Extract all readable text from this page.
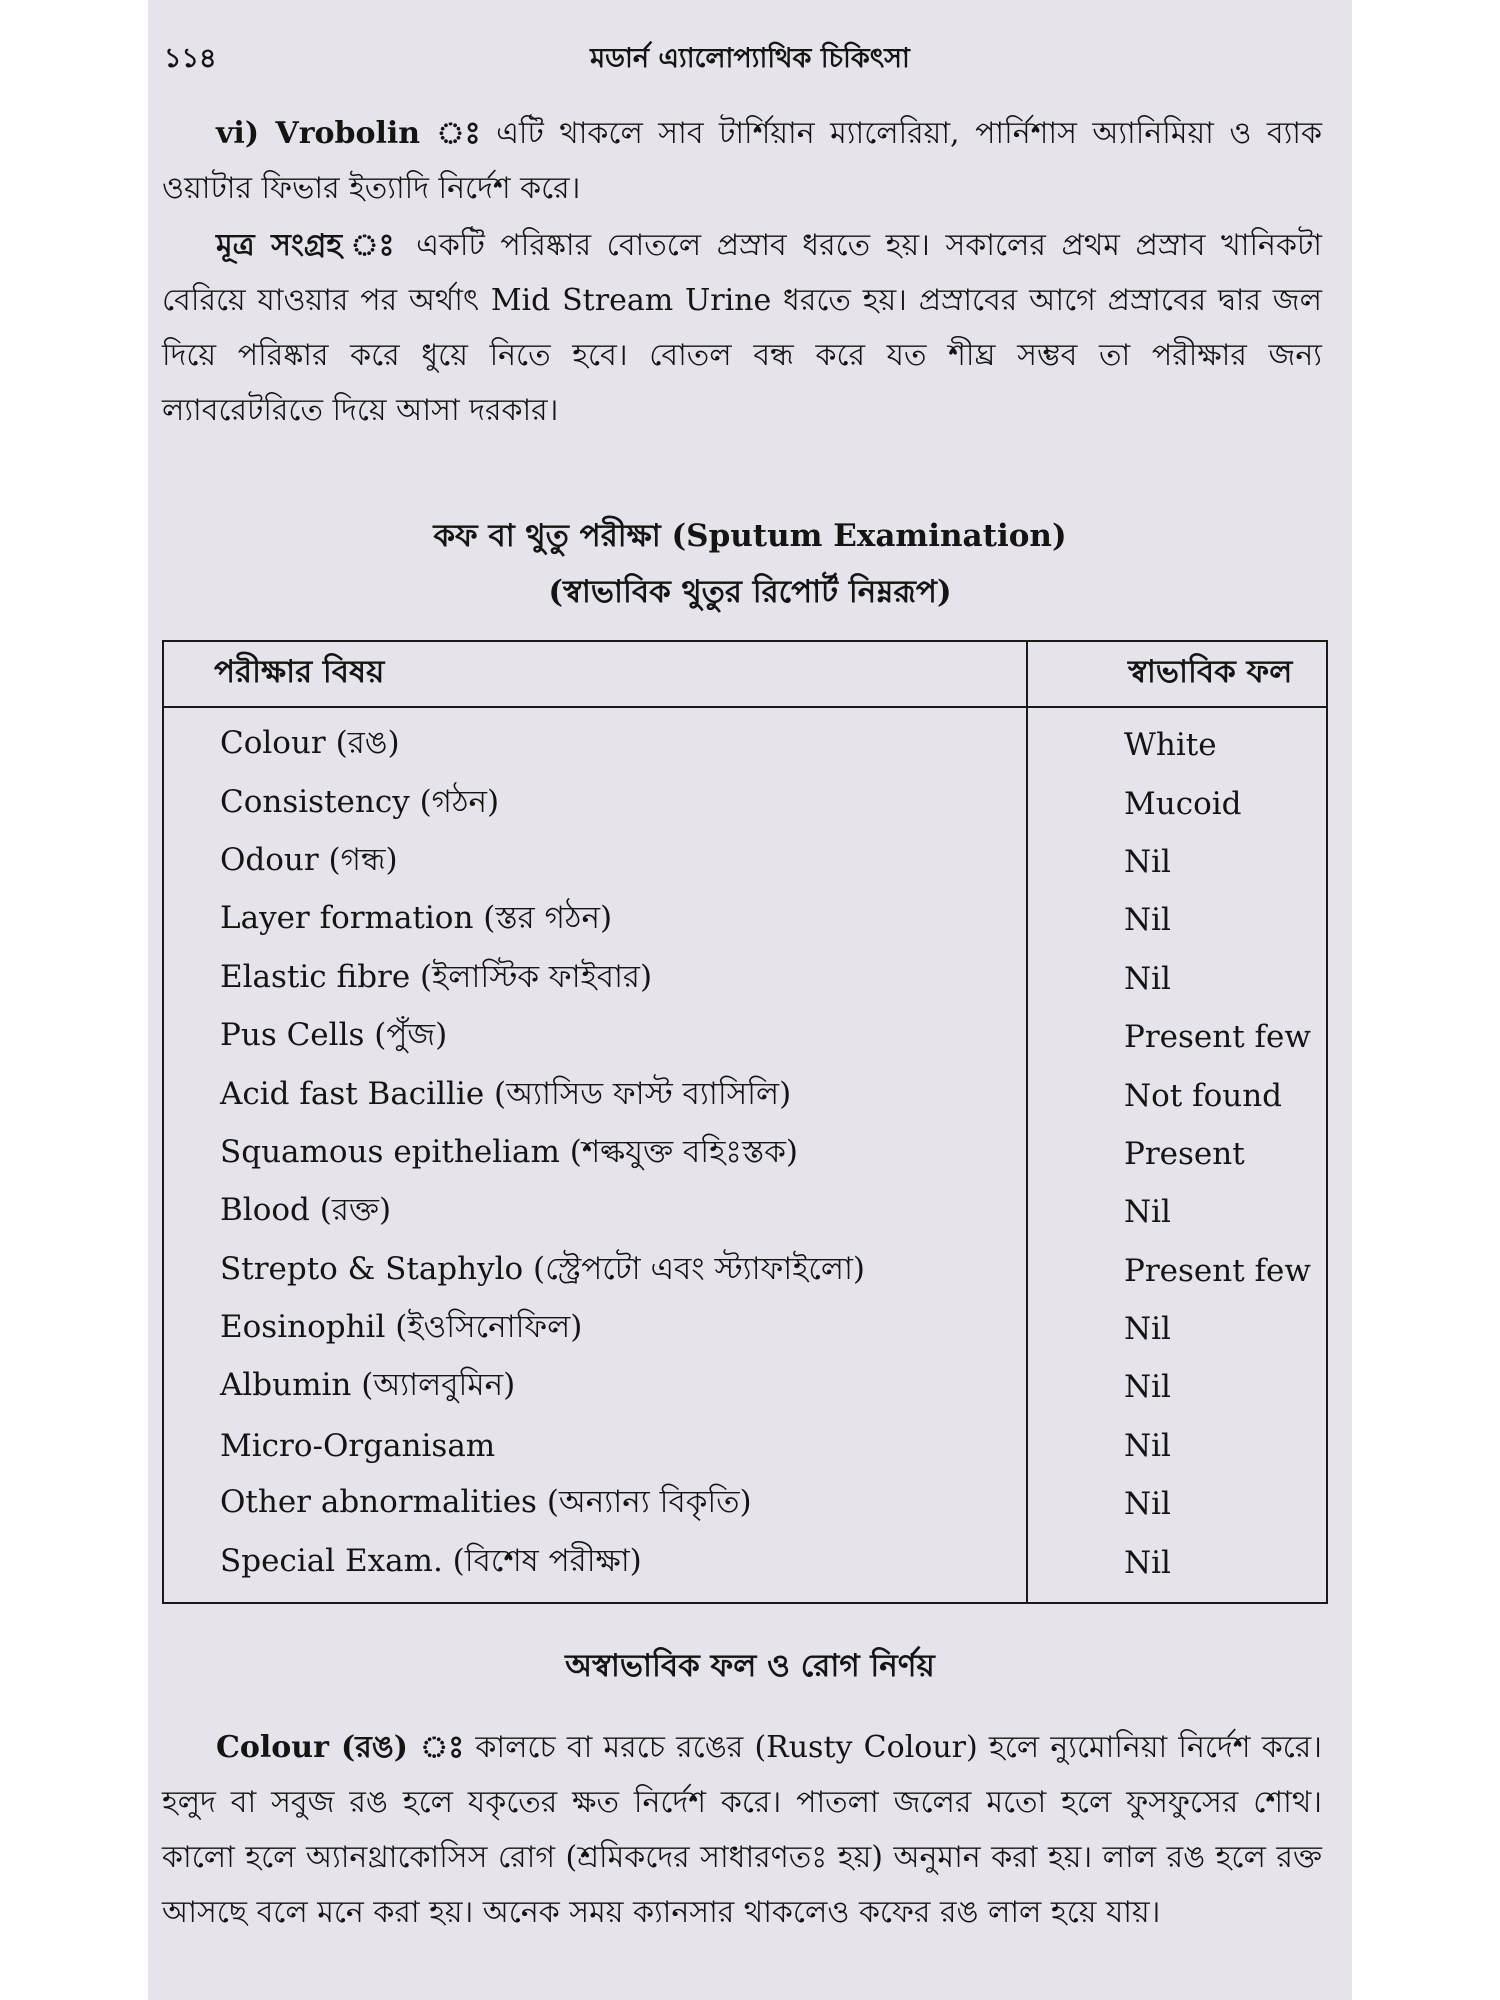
১১৪	মডার্ন এ্যালোপ্যাথিক চিকিৎসা

vi) Vrobolin ঃ এটি থাকলে সাব টার্শিয়ান ম্যালেরিয়া, পার্নিশাস অ্যানিমিয়া ও ব্যাক ওয়াটার ফিভার ইত্যাদি নির্দেশ করে।

মূত্র সংগ্রহ ঃ একটি পরিষ্কার বোতলে প্রস্রাব ধরতে হয়। সকালের প্রথম প্রস্রাব খানিকটা বেরিয়ে যাওয়ার পর অর্থাৎ Mid Stream Urine ধরতে হয়। প্রস্রাবের আগে প্রস্রাবের দ্বার জল দিয়ে পরিষ্কার করে ধুয়ে নিতে হবে। বোতল বন্ধ করে যত শীঘ্র সম্ভব তা পরীক্ষার জন্য ল্যাবরেটরিতে দিয়ে আসা দরকার।

কফ বা থুতু পরীক্ষা (Sputum Examination)
(স্বাভাবিক থুতুর রিপোর্ট নিম্নরূপ)
পরীক্ষার বিষয়	স্বাভাবিক ফল
Colour (রঙ)	White
Consistency (গঠন)	Mucoid
Odour (গন্ধ)	Nil
Layer formation (স্তর গঠন)	Nil
Elastic fibre (ইলাস্টিক ফাইবার)	Nil
Pus Cells (পুঁজ)	Present few
Acid fast Bacillie (অ্যাসিড ফাস্ট ব্যাসিলি)	Not found
Squamous epitheliam (শল্কযুক্ত বহিঃস্তক)	Present
Blood (রক্ত)	Nil
Strepto & Staphylo (স্ট্রেপটো এবং স্ট্যাফাইলো)	Present few
Eosinophil (ইওসিনোফিল)	Nil
Albumin (অ্যালবুমিন)	Nil
Micro-Organisam	Nil
Other abnormalities (অন্যান্য বিকৃতি)	Nil
Special Exam. (বিশেষ পরীক্ষা)	Nil
অস্বাভাবিক ফল ও রোগ নির্ণয়

Colour (রঙ) ঃ কালচে বা মরচে রঙের (Rusty Colour) হলে ন্যুমোনিয়া নির্দেশ করে। হলুদ বা সবুজ রঙ হলে যকৃতের ক্ষত নির্দেশ করে। পাতলা জলের মতো হলে ফুসফুসের শোথ। কালো হলে অ্যানথ্রাকোসিস রোগ (শ্রমিকদের সাধারণতঃ হয়) অনুমান করা হয়। লাল রঙ হলে রক্ত আসছে বলে মনে করা হয়। অনেক সময় ক্যানসার থাকলেও কফের রঙ লাল হয়ে যায়।
